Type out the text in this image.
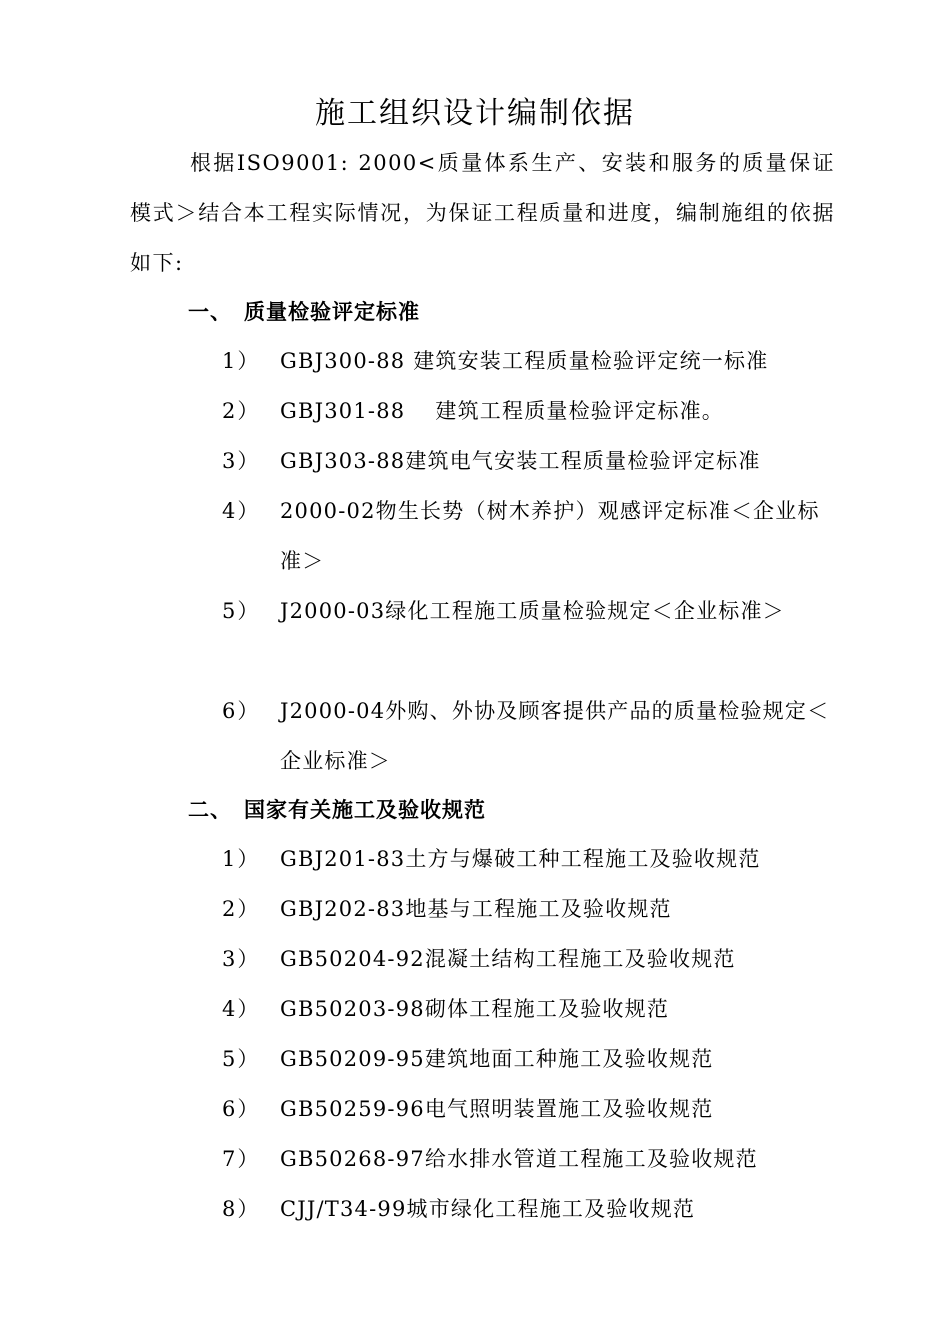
施工组织设计编制依据
根据ISO9001: 2000<质量体系生产、安装和服务的质量保证模式＞结合本工程实际情况，为保证工程质量和进度，编制施组的依据如下:
一、 质量检验评定标准
1） GBJ300-88 建筑安装工程质量检验评定统一标准
2） GBJ301-88　 建筑工程质量检验评定标准。
3） GBJ303-88建筑电气安装工程质量检验评定标准
4） 2000-02物生长势（树木养护）观感评定标准＜企业标准＞
5） J2000-03绿化工程施工质量检验规定＜企业标准＞
6） J2000-04外购、外协及顾客提供产品的质量检验规定＜企业标准＞
二、 国家有关施工及验收规范
1） GBJ201-83土方与爆破工种工程施工及验收规范
2） GBJ202-83地基与工程施工及验收规范
3） GB50204-92混凝土结构工程施工及验收规范
4） GB50203-98砌体工程施工及验收规范
5） GB50209-95建筑地面工种施工及验收规范
6） GB50259-96电气照明装置施工及验收规范
7） GB50268-97给水排水管道工程施工及验收规范
8） CJJ/T34-99城市绿化工程施工及验收规范
